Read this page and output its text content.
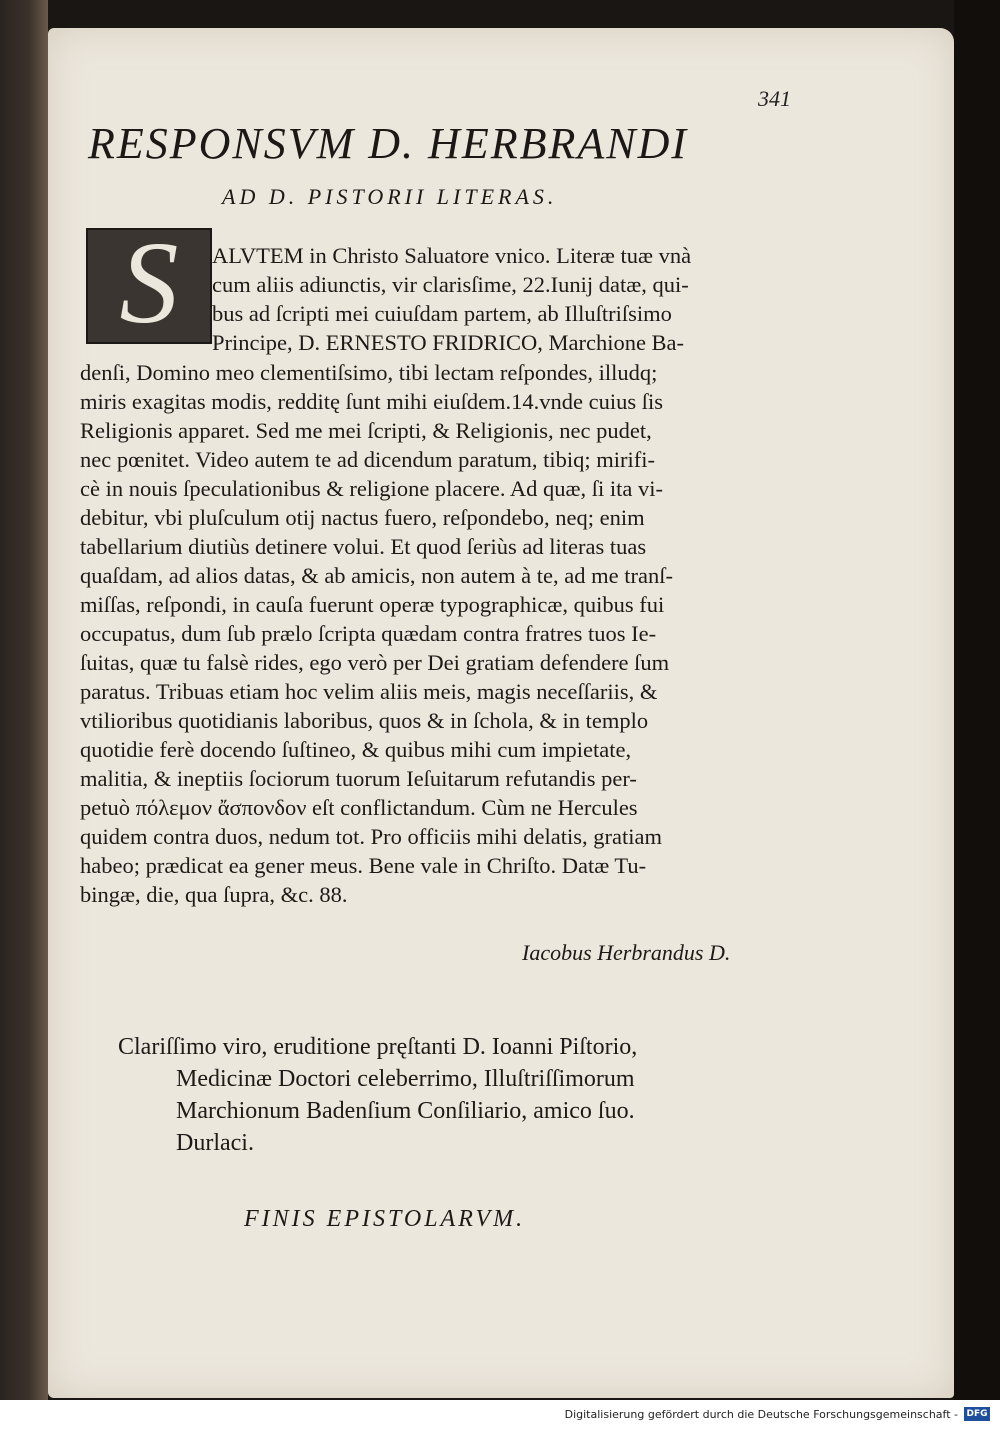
341
RESPONSVM D. HERBRANDI
AD D. PISTORII LITERAS.
S	ALVTEM in Christo Saluatore vnico. Literæ tuæ vnà
cum aliis adiunctis, vir clarisſime, 22.Iunij datæ, qui-
bus ad ſcripti mei cuiuſdam partem, ab Illuſtriſsimo
Principe, D. ERNESTO FRIDRICO, Marchione Ba-
denſi, Domino meo clementiſsimo, tibi lectam reſpondes, illudq;
miris exagitas modis, redditę ſunt mihi eiuſdem.14.vnde cuius ſis
Religionis apparet. Sed me mei ſcripti, & Religionis, nec pudet,
nec pœnitet. Video autem te ad dicendum paratum, tibiq; mirifi-
cè in nouis ſpeculationibus & religione placere. Ad quæ, ſi ita vi-
debitur, vbi pluſculum otij nactus fuero, reſpondebo, neq; enim
tabellarium diutiùs detinere volui. Et quod ſeriùs ad literas tuas
quaſdam, ad alios datas, & ab amicis, non autem à te, ad me tranſ-
miſſas, reſpondi, in cauſa fuerunt operæ typographicæ, quibus fui
occupatus, dum ſub prælo ſcripta quædam contra fratres tuos Ie-
ſuitas, quæ tu falsè rides, ego verò per Dei gratiam defendere ſum
paratus. Tribuas etiam hoc velim aliis meis, magis neceſſariis, &
vtilioribus quotidianis laboribus, quos & in ſchola, & in templo
quotidie ferè docendo ſuſtineo, & quibus mihi cum impietate,
malitia, & ineptiis ſociorum tuorum Ieſuitarum refutandis per-
petuò πόλεμον ἄσπονδον eſt conflictandum. Cùm ne Hercules
quidem contra duos, nedum tot. Pro officiis mihi delatis, gratiam
habeo; prædicat ea gener meus. Bene vale in Chriſto. Datæ Tu-
bingæ, die, qua ſupra, &c. 88.
Iacobus Herbrandus D.
Clariſſimo viro, eruditione pręſtanti D. Ioanni Piſtorio,
Medicinæ Doctori celeberrimo, Illuſtriſſimorum
Marchionum Badenſium Conſiliario, amico ſuo.
Durlaci.
FINIS EPISTOLARVM.
Digitalisierung gefördert durch die Deutsche Forschungsgemeinschaft - DFG
